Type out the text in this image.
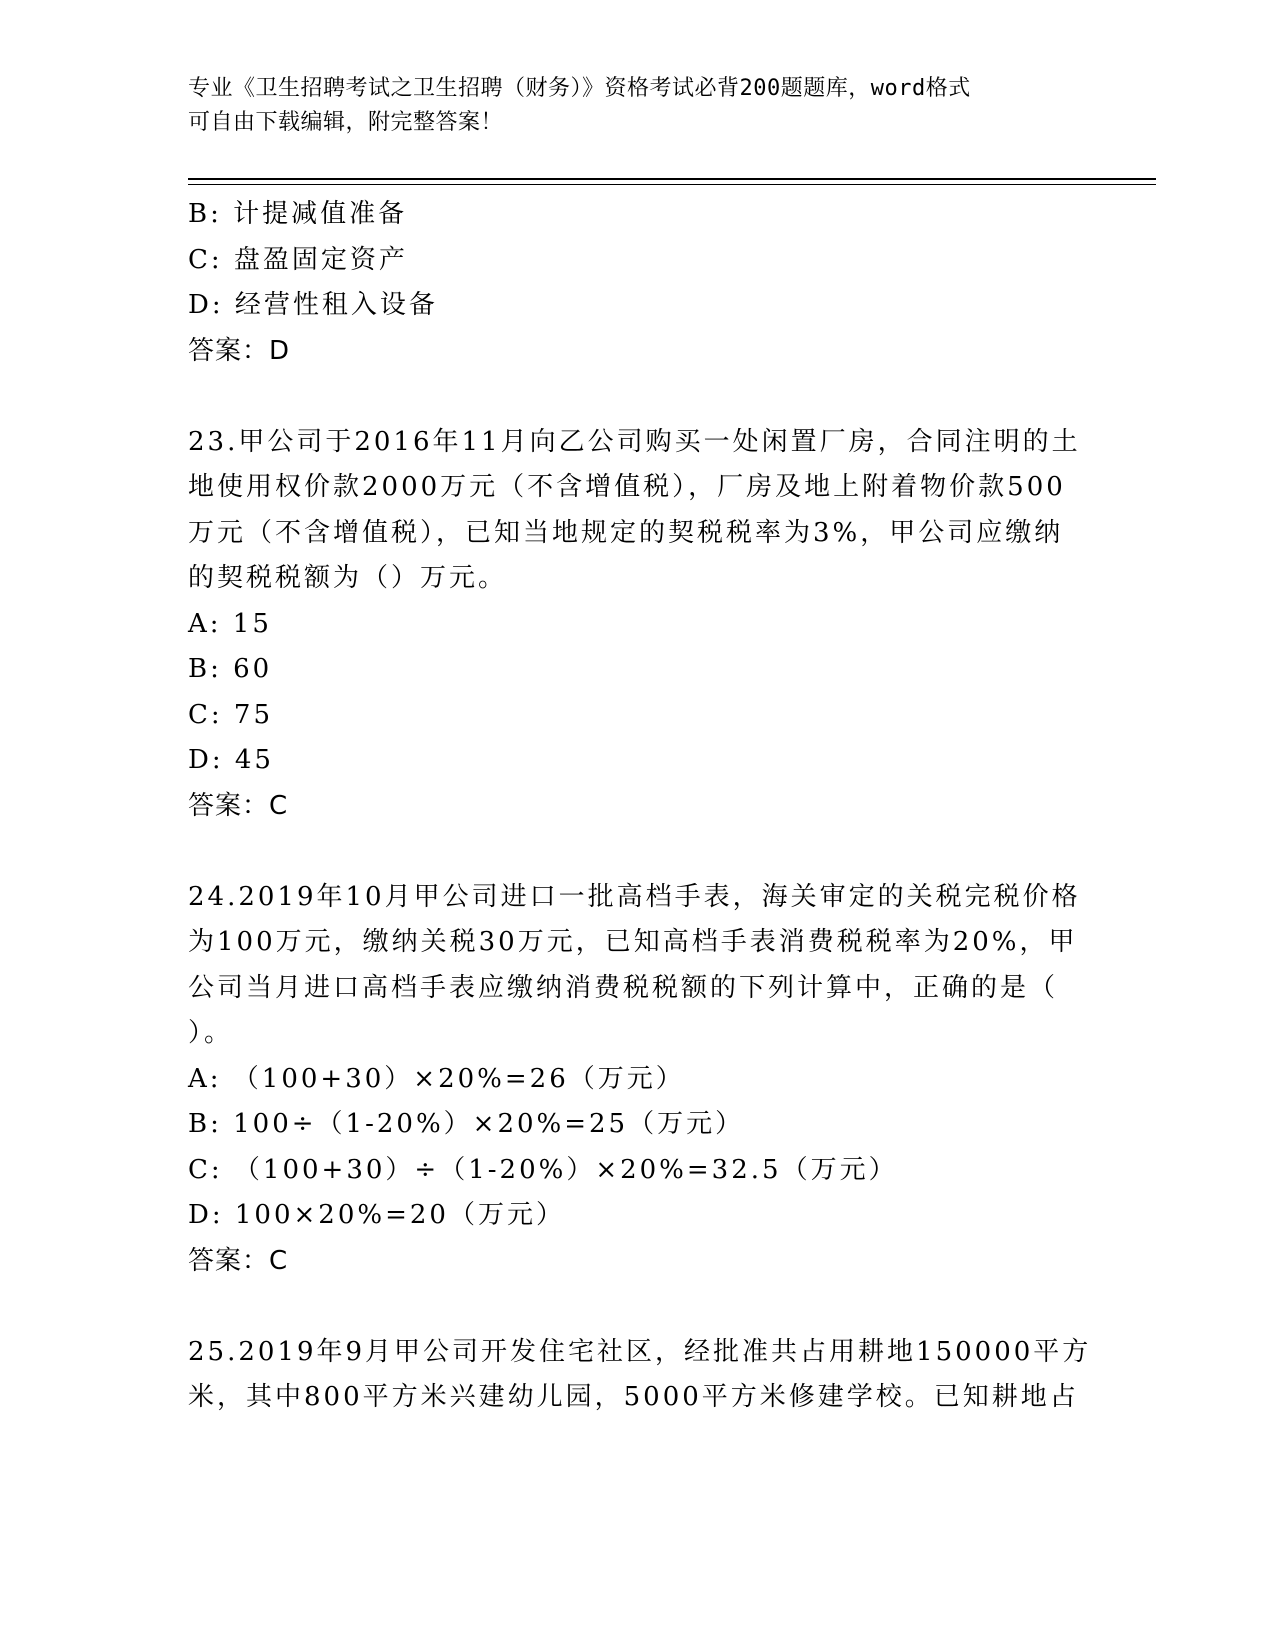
专业《卫生招聘考试之卫生招聘（财务）》资格考试必背200题题库，word格式
可自由下载编辑，附完整答案！
B: 计提减值准备
C: 盘盈固定资产
D: 经营性租入设备
答案：D
23.甲公司于2016年11月向乙公司购买一处闲置厂房，合同注明的土
地使用权价款2000万元（不含增值税），厂房及地上附着物价款500
万元（不含增值税），已知当地规定的契税税率为3%，甲公司应缴纳
的契税税额为（）万元。
A: 15
B: 60
C: 75
D: 45
答案：C
24.2019年10月甲公司进口一批高档手表，海关审定的关税完税价格
为100万元，缴纳关税30万元，已知高档手表消费税税率为20%，甲
公司当月进口高档手表应缴纳消费税税额的下列计算中，正确的是（
）。
A: （100+30）×20%=26（万元）
B: 100÷（1-20%）×20%=25（万元）
C: （100+30）÷（1-20%）×20%=32.5（万元）
D: 100×20%=20（万元）
答案：C
25.2019年9月甲公司开发住宅社区，经批准共占用耕地150000平方
米，其中800平方米兴建幼儿园，5000平方米修建学校。已知耕地占
